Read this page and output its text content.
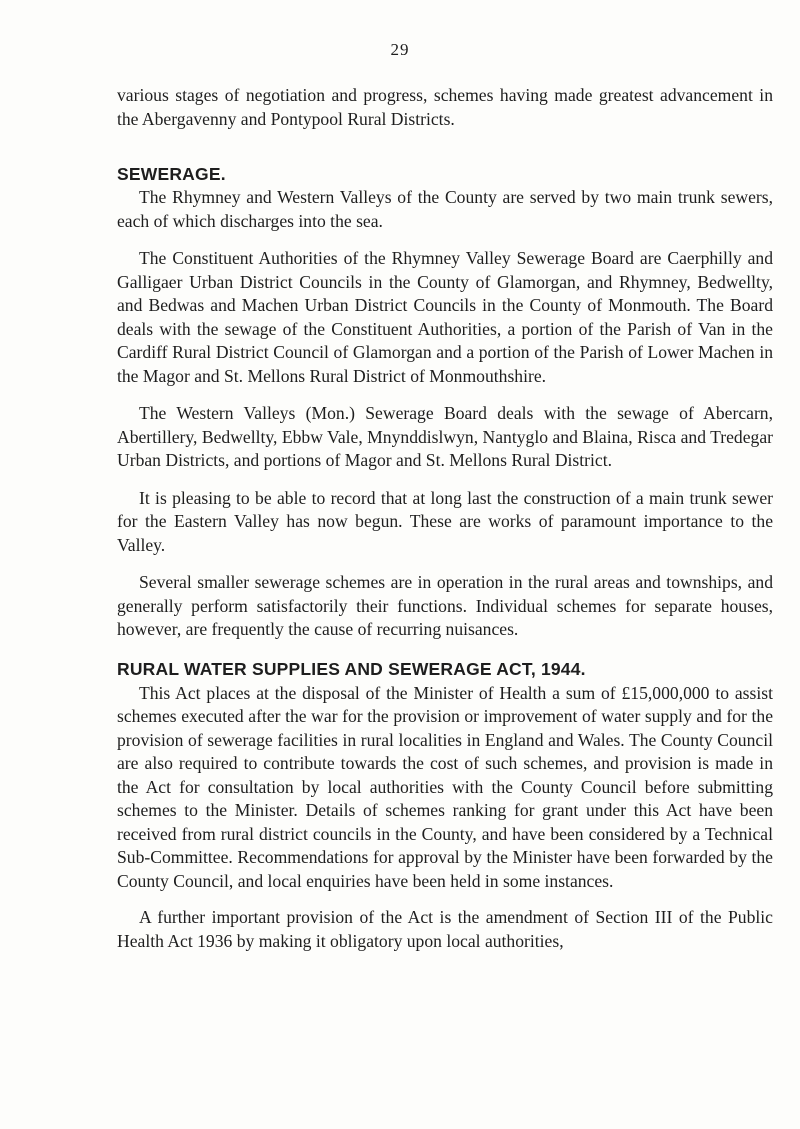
29

various stages of negotiation and progress, schemes having made greatest advancement in the Abergavenny and Pontypool Rural Districts.

SEWERAGE.

The Rhymney and Western Valleys of the County are served by two main trunk sewers, each of which discharges into the sea.

The Constituent Authorities of the Rhymney Valley Sewerage Board are Caerphilly and Galligaer Urban District Councils in the County of Glamorgan, and Rhymney, Bedwellty, and Bedwas and Machen Urban District Councils in the County of Monmouth. The Board deals with the sewage of the Constituent Authorities, a portion of the Parish of Van in the Cardiff Rural District Council of Glamorgan and a portion of the Parish of Lower Machen in the Magor and St. Mellons Rural District of Monmouthshire.

The Western Valleys (Mon.) Sewerage Board deals with the sewage of Abercarn, Abertillery, Bedwellty, Ebbw Vale, Mnynddislwyn, Nantyglo and Blaina, Risca and Tredegar Urban Districts, and portions of Magor and St. Mellons Rural District.

It is pleasing to be able to record that at long last the construction of a main trunk sewer for the Eastern Valley has now begun. These are works of paramount importance to the Valley.

Several smaller sewerage schemes are in operation in the rural areas and townships, and generally perform satisfactorily their functions. Individual schemes for separate houses, however, are frequently the cause of recurring nuisances.

RURAL WATER SUPPLIES AND SEWERAGE ACT, 1944.

This Act places at the disposal of the Minister of Health a sum of £15,000,000 to assist schemes executed after the war for the provision or improvement of water supply and for the provision of sewerage facilities in rural localities in England and Wales. The County Council are also required to contribute towards the cost of such schemes, and provision is made in the Act for consultation by local authorities with the County Council before submitting schemes to the Minister. Details of schemes ranking for grant under this Act have been received from rural district councils in the County, and have been considered by a Technical Sub-Committee. Recommendations for approval by the Minister have been forwarded by the County Council, and local enquiries have been held in some instances.

A further important provision of the Act is the amendment of Section III of the Public Health Act 1936 by making it obligatory upon local authorities,
